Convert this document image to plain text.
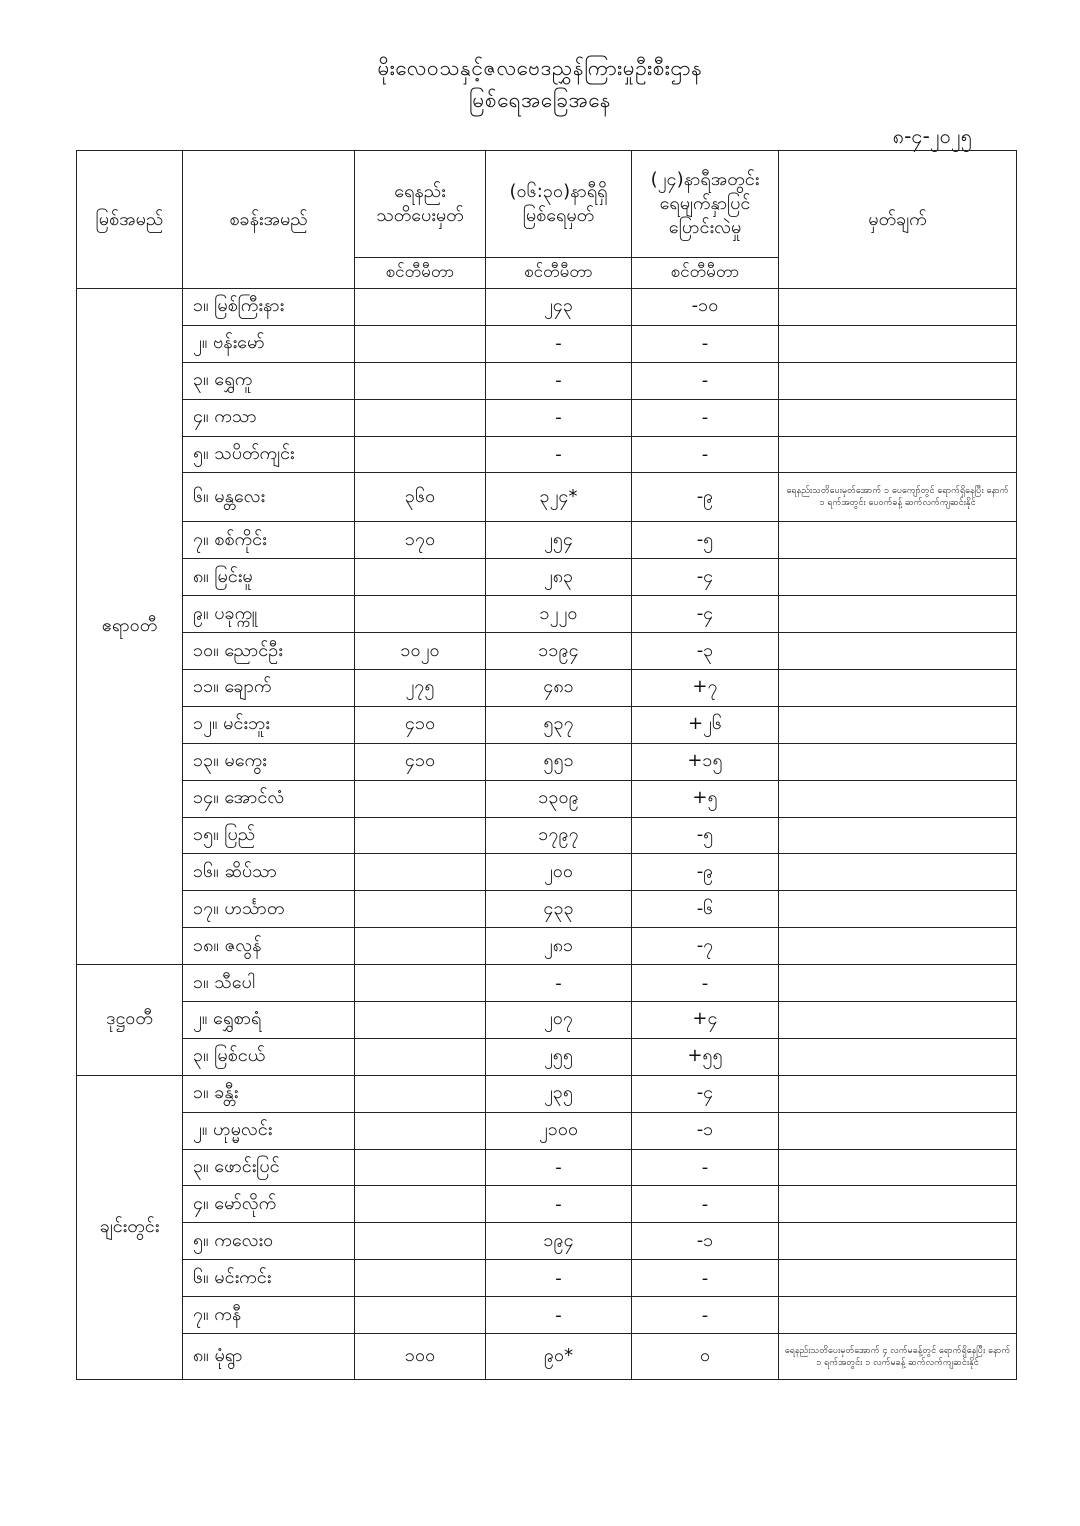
မိုးလေဝသနှင့်ဇလဗေဒညွှန်ကြားမှုဦးစီးဌာန
မြစ်ရေအခြေအနေ
၈-၄-၂၀၂၅
မြစ်အမည်	စခန်းအမည်	ရေနည်း
သတိပေးမှတ်	(၀၆:၃၀)နာရီရှိ
မြစ်ရေမှတ်	(၂၄)နာရီအတွင်း
ရေမျက်နှာပြင်
ပြောင်းလဲမှု	မှတ်ချက်
		စင်တီမီတာ	စင်တီမီတာ	စင်တီမီတာ	
ဧရာဝတီ	၁။ မြစ်ကြီးနား		၂၄၃	-၁၀	
	၂။ ဗန်းမော်		-	-	
	၃။ ရွှေကူ		-	-	
	၄။ ကသာ		-	-	
	၅။ သပိတ်ကျင်း		-	-	
	၆။ မန္တလေး	၃၆၀	၃၂၄*	-၉	ရေနည်းသတိပေးမှတ်အောက် ၁ ပေကျော်တွင် ရောက်ရှိနေပြီး နောက် ၁ ရက်အတွင်း ပေဝက်ခန့် ဆက်လက်ကျဆင်းနိုင်
	၇။ စစ်ကိုင်း	၁၇၀	၂၅၄	-၅	
	၈။ မြင်းမူ		၂၈၃	-၄	
	၉။ ပခုက္ကူ		၁၂၂၀	-၄	
	၁၀။ ညောင်ဦး	၁၀၂၀	၁၁၉၄	-၃	
	၁၁။ ချောက်	၂၇၅	၄၈၁	+၇	
	၁၂။ မင်းဘူး	၄၁၀	၅၃၇	+၂၆	
	၁၃။ မကွေး	၄၁၀	၅၅၁	+၁၅	
	၁၄။ အောင်လံ		၁၃၀၉	+၅	
	၁၅။ ပြည်		၁၇၉၇	-၅	
	၁၆။ ဆိပ်သာ		၂၀၀	-၉	
	၁၇။ ဟင်္သာတ		၄၃၃	-၆	
	၁၈။ ဇလွန်		၂၈၁	-၇	
ဒုဋ္ဌဝတီ	၁။ သီပေါ		-	-	
	၂။ ရွှေစာရံ		၂၀၇	+၄	
	၃။ မြစ်ငယ်		၂၅၅	+၅၅	
ချင်းတွင်း	၁။ ခန္တီး		၂၃၅	-၄	
	၂။ ဟုမ္မလင်း		၂၁၀၀	-၁	
	၃။ ဖောင်းပြင်		-	-	
	၄။ မော်လိုက်		-	-	
	၅။ ကလေးဝ		၁၉၄	-၁	
	၆။ မင်းကင်း		-	-	
	၇။ ကနီ		-	-	
	၈။ မုံရွာ	၁၀၀	၉၀*	၀	ရေနည်းသတိပေးမှတ်အောက် ၄ လက်မခန့်တွင် ရောက်ရှိနေပြီး နောက် ၁ ရက်အတွင်း ၁ လက်မခန့် ဆက်လက်ကျဆင်းနိုင်
